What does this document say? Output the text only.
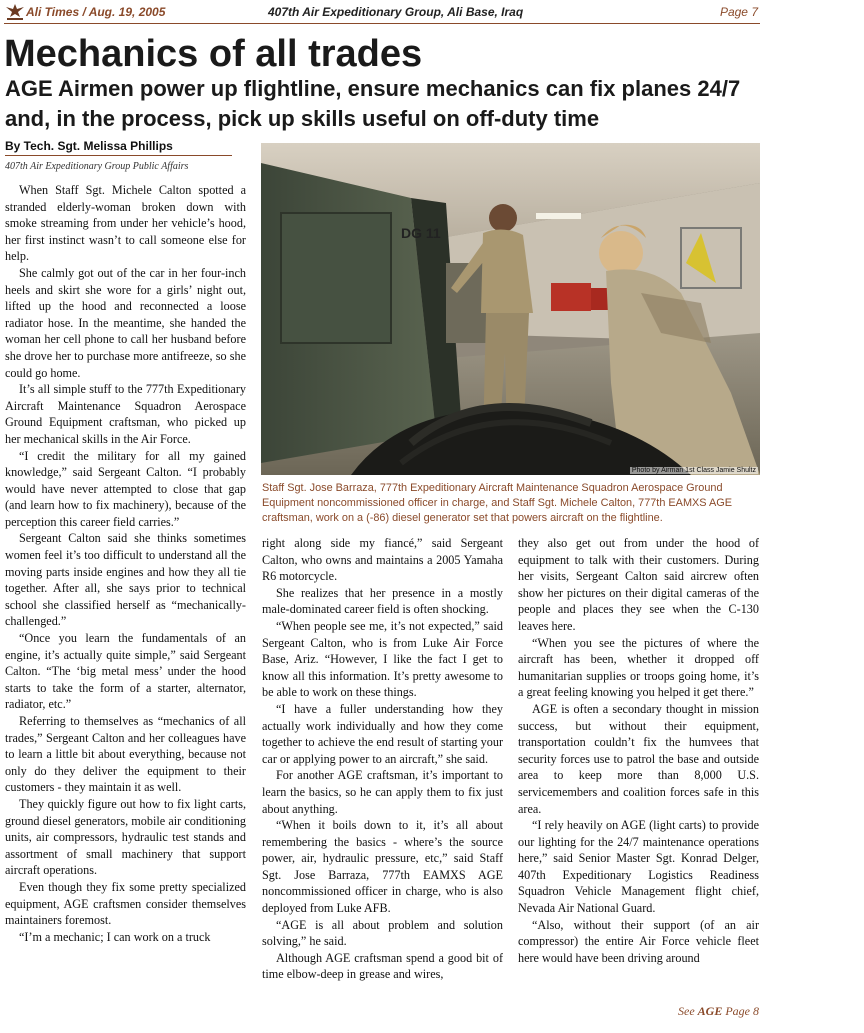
Ali Times / Aug. 19, 2005	407th Air Expeditionary Group, Ali Base, Iraq	Page 7
Mechanics of all trades
AGE Airmen power up flightline, ensure mechanics can fix planes 24/7 and, in the process, pick up skills useful on off-duty time
By Tech. Sgt. Melissa Phillips
407th Air Expeditionary Group Public Affairs

When Staff Sgt. Michele Calton spotted a stranded elderly-woman broken down with smoke streaming from under her vehicle’s hood, her first instinct wasn’t to call someone else for help.

She calmly got out of the car in her four-inch heels and skirt she wore for a girls’ night out, lifted up the hood and reconnected a loose radiator hose. In the meantime, she handed the woman her cell phone to call her husband before she drove her to purchase more antifreeze, so she could go home.

It’s all simple stuff to the 777th Expeditionary Aircraft Maintenance Squadron Aerospace Ground Equipment craftsman, who picked up her mechanical skills in the Air Force.

“I credit the military for all my gained knowledge,” said Sergeant Calton. “I probably would have never attempted to close that gap (and learn how to fix machinery), because of the perception this career field carries.”

Sergeant Calton said she thinks sometimes women feel it’s too difficult to understand all the moving parts inside engines and how they all tie together. After all, she says prior to technical school she classified herself as “mechanically-challenged.”

“Once you learn the fundamentals of an engine, it’s actually quite simple,” said Sergeant Calton. “The ‘big metal mess’ under the hood starts to take the form of a starter, alternator, radiator, etc.”

Referring to themselves as “mechanics of all trades,” Sergeant Calton and her colleagues have to learn a little bit about everything, because not only do they deliver the equipment to their customers - they maintain it as well.

They quickly figure out how to fix light carts, ground diesel generators, mobile air conditioning units, air compressors, hydraulic test stands and assortment of small machinery that support aircraft operations.

Even though they fix some pretty specialized equipment, AGE craftsmen consider themselves maintainers foremost.

“I’m a mechanic; I can work on a truck

DG 11
Photo by Airman 1st Class Jamie Shultz
Staff Sgt. Jose Barraza, 777th Expeditionary Aircraft Maintenance Squadron Aerospace Ground Equipment noncommissioned officer in charge, and Staff Sgt. Michele Calton, 777th EAMXS AGE craftsman, work on a (-86) diesel generator set that powers aircraft on the flightline.

right along side my fiancé,” said Sergeant Calton, who owns and maintains a 2005 Yamaha R6 motorcycle.

She realizes that her presence in a mostly male-dominated career field is often shocking.

“When people see me, it’s not expected,” said Sergeant Calton, who is from Luke Air Force Base, Ariz. “However, I like the fact I get to know all this information. It’s pretty awesome to be able to work on these things.

“I have a fuller understanding how they actually work individually and how they come together to achieve the end result of starting your car or applying power to an aircraft,” she said.

For another AGE craftsman, it’s important to learn the basics, so he can apply them to fix just about anything.

“When it boils down to it, it’s all about remembering the basics - where’s the source power, air, hydraulic pressure, etc,” said Staff Sgt. Jose Barraza, 777th EAMXS AGE noncommissioned officer in charge, who is also deployed from Luke AFB.

“AGE is all about problem and solution solving,” he said.

Although AGE craftsman spend a good bit of time elbow-deep in grease and wires,

they also get out from under the hood of equipment to talk with their customers. During her visits, Sergeant Calton said aircrew often show her pictures on their digital cameras of the people and places they see when the C-130 leaves here.

“When you see the pictures of where the aircraft has been, whether it dropped off humanitarian supplies or troops going home, it’s a great feeling knowing you helped it get there.”

AGE is often a secondary thought in mission success, but without their equipment, transportation couldn’t fix the humvees that security forces use to patrol the base and outside area to keep more than 8,000 U.S. servicemembers and coalition forces safe in this area.

“I rely heavily on AGE (light carts) to provide our lighting for the 24/7 maintenance operations here,” said Senior Master Sgt. Konrad Delger, 407th Expeditionary Logistics Readiness Squadron Vehicle Management flight chief, Nevada Air National Guard.

“Also, without their support (of an air compressor) the entire Air Force vehicle fleet here would have been driving around

See AGE Page 8
